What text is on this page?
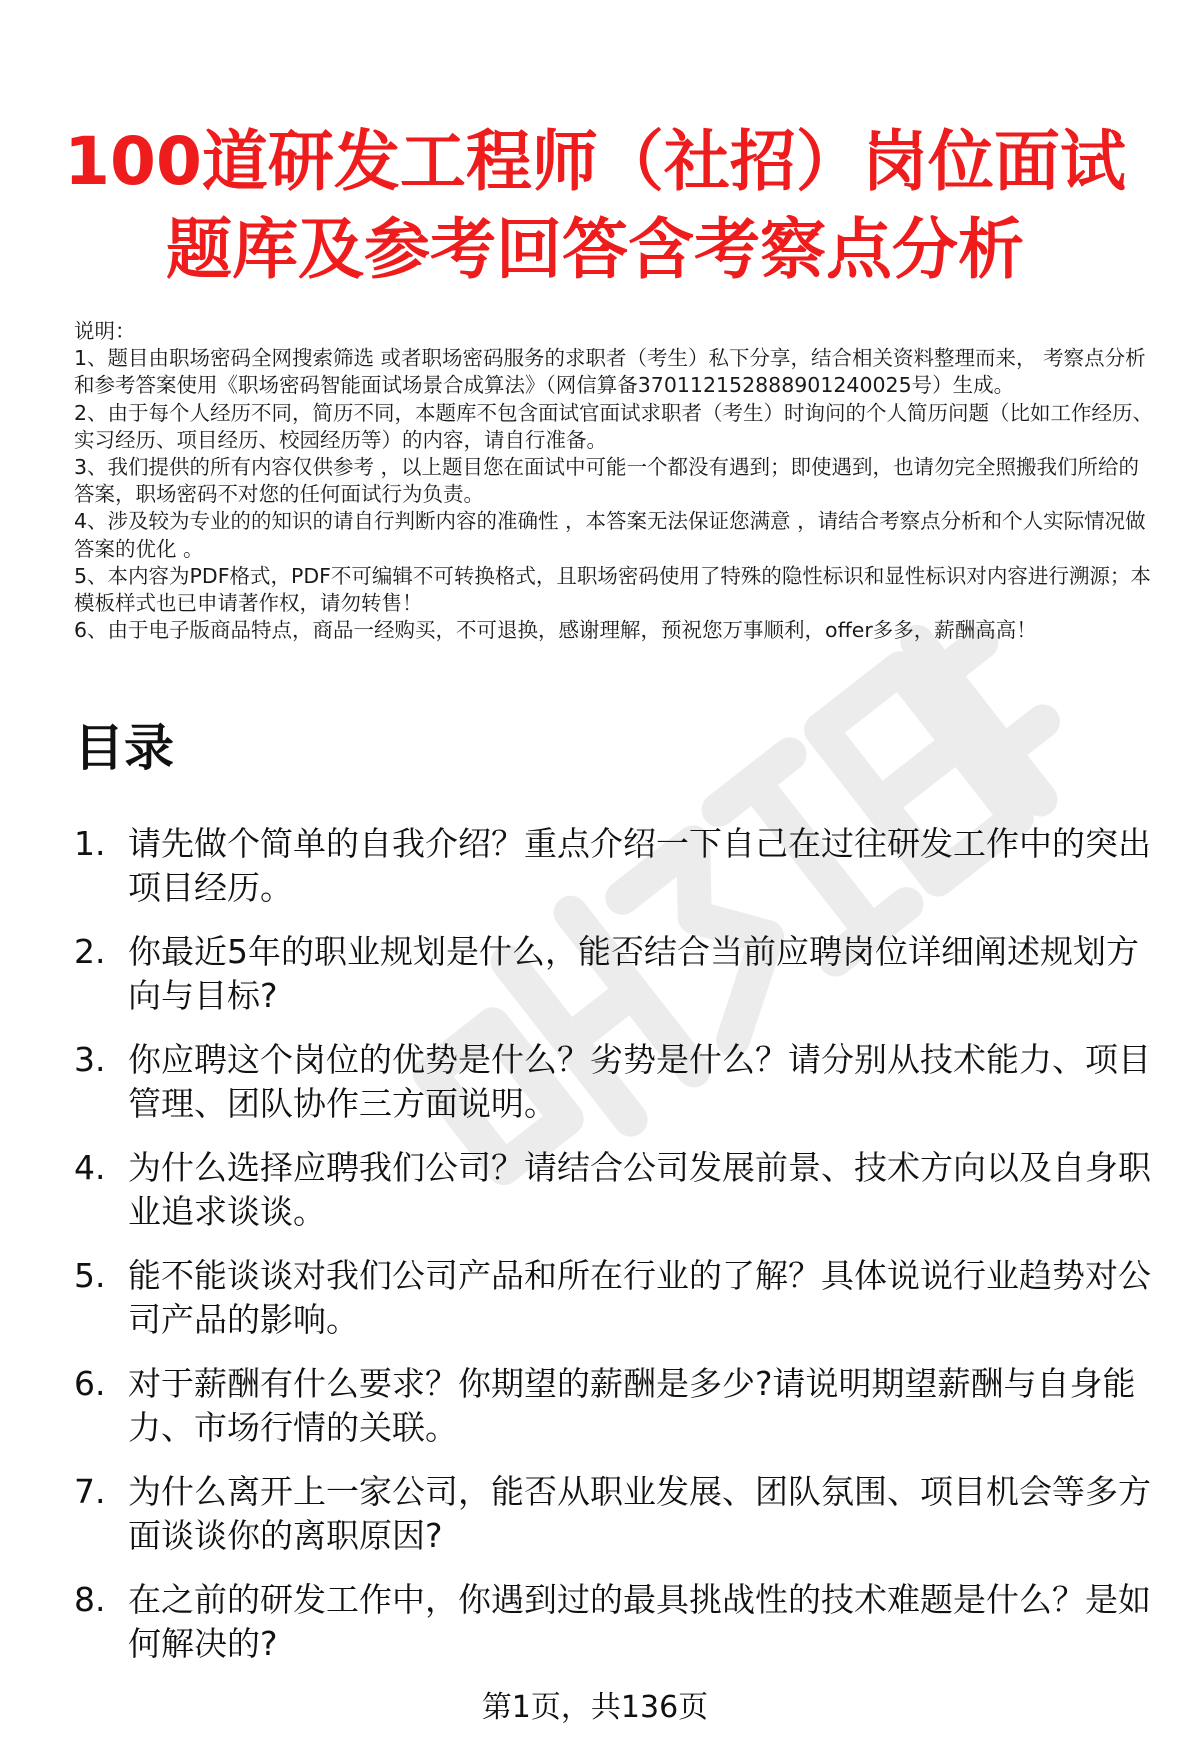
100道研发工程师（社招）岗位面试
题库及参考回答含考察点分析

说明：

1、题目由职场密码全网搜索筛选 或者职场密码服务的求职者（考生）私下分享，结合相关资料整理而来， 考察点分析和参考答案使用《职场密码智能面试场景合成算法》（网信算备370112152888901240025号）生成。

2、由于每个人经历不同，简历不同，本题库不包含面试官面试求职者（考生）时询问的个人简历问题（比如工作经历、实习经历、项目经历、校园经历等）的内容，请自行准备。

3、我们提供的所有内容仅供参考 ，以上题目您在面试中可能一个都没有遇到；即使遇到，也请勿完全照搬我们所给的答案，职场密码不对您的任何面试行为负责。

4、涉及较为专业的的知识的请自行判断内容的准确性 ，本答案无法保证您满意 ，请结合考察点分析和个人实际情况做答案的优化 。

5、本内容为PDF格式，PDF不可编辑不可转换格式，且职场密码使用了特殊的隐性标识和显性标识对内容进行溯源；本模板样式也已申请著作权，请勿转售！

6、由于电子版商品特点，商品一经购买，不可退换，感谢理解，预祝您万事顺利，offer多多，薪酬高高！

目录
1. 请先做个简单的自我介绍？重点介绍一下自己在过往研发工作中的突出项目经历。
2. 你最近5年的职业规划是什么，能否结合当前应聘岗位详细阐述规划方向与目标?
3. 你应聘这个岗位的优势是什么？劣势是什么？请分别从技术能力、项目管理、团队协作三方面说明。
4. 为什么选择应聘我们公司？请结合公司发展前景、技术方向以及自身职业追求谈谈。
5. 能不能谈谈对我们公司产品和所在行业的了解？具体说说行业趋势对公司产品的影响。
6. 对于薪酬有什么要求？你期望的薪酬是多少?请说明期望薪酬与自身能力、市场行情的关联。
7. 为什么离开上一家公司，能否从职业发展、团队氛围、项目机会等多方面谈谈你的离职原因?
8. 在之前的研发工作中，你遇到过的最具挑战性的技术难题是什么？是如何解决的?
第1页，共136页
